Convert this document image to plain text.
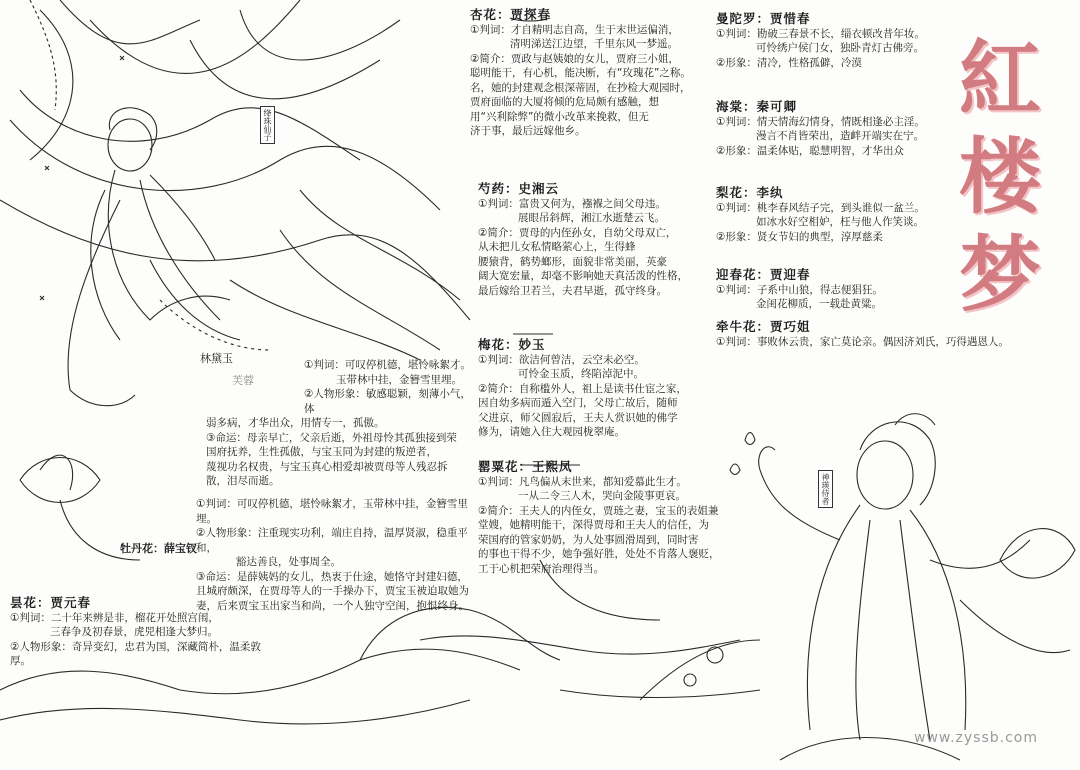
绛珠仙子
神瑛侍者
紅
楼
梦
杏花：贾探春

①判词：才自精明志自高，生于末世运偏消，

清明涕送江边望，千里东风一梦遥。

②简介：贾政与赵姨娘的女儿，贾府三小姐，

聪明能干，有心机，能决断，有“玫瑰花”之称。

名，她的封建观念根深蒂固，在抄检大观园时，

贾府面临的大厦将倾的危局颇有感触，想

用“兴利除弊”的微小改革来挽救，但无

济于事，最后远嫁他乡。

芍药：史湘云

①判词：富贵又何为，襁褓之间父母违。

展眼吊斜辉，湘江水逝楚云飞。

②简介：贾母的内侄孙女，自幼父母双亡，

从未把儿女私情略萦心上，生得蜂

腰猿背，鹤势螂形，面貌非常美丽，英豪

阔大宽宏量，却毫不影响她天真活泼的性格，

最后嫁给卫若兰，夫君早逝，孤守终身。

梅花：妙玉

①判词：欲洁何曾洁，云空未必空。

可怜金玉质，终陷淖泥中。

②简介：自称槛外人，祖上是读书仕宦之家，

因自幼多病而遁入空门，父母亡故后，随师

父进京，师父圆寂后，王夫人赏识她的佛学

修为，请她入住大观园栊翠庵。

罂粟花：王熙凤

①判词：凡鸟偏从末世来，都知爱慕此生才。

一从二令三人木，哭向金陵事更哀。

②简介：王夫人的内侄女，贾琏之妻，宝玉的表姐兼

堂嫂，她精明能干，深得贾母和王夫人的信任，为

荣国府的管家奶奶，为人处事圆滑周到，同时害

的事也干得不少，她争强好胜，处处不肯落人褒贬，

工于心机把荣府治理得当。

曼陀罗：贾惜春

①判词：勘破三春景不长，缁衣顿改昔年妆。

可怜绣户侯门女，独卧青灯古佛旁。

②形象：清冷，性格孤僻，冷漠

海棠：秦可卿

①判词：情天情海幻情身，情既相逢必主淫。

漫言不肖皆荣出，造衅开端实在宁。

②形象：温柔体贴，聪慧明智，才华出众

梨花：李纨

①判词：桃李春风结子完，到头谁似一盆兰。

如冰水好空相妒，枉与他人作笑谈。

②形象：贤女节妇的典型，淳厚慈柔

迎春花：贾迎春

①判词：子系中山狼，得志便猖狂。

金闺花柳质，一载赴黄粱。

牵牛花：贾巧姐

①判词：事败休云贵，家亡莫论亲。偶因济刘氏，巧得遇恩人。

林黛玉
芙蓉

①判词：可叹停机德，堪怜咏絮才。

玉带林中挂，金簪雪里埋。

②人物形象：敏感聪颖，刻薄小气，体

弱多病，才华出众，用情专一，孤傲。

③命运：母亲早亡，父亲后逝，外祖母怜其孤独接到荣

国府抚养，生性孤傲，与宝玉同为封建的叛逆者，

蔑视功名权贵，与宝玉真心相爱却被贾母等人残忍拆

散，泪尽而逝。

牡丹花：薛宝钗

①判词：可叹停机德，堪怜咏絮才，玉带林中挂，金簪雪里埋。

②人物形象：注重现实功利，端庄自持，温厚贤淑，稳重平和，

豁达善良，处事周全。

③命运：是薛姨妈的女儿，热衷于仕途，她恪守封建妇德，

且城府颇深，在贾母等人的一手操办下，贾宝玉被迫取她为

妻，后来贾宝玉出家当和尚，一个人独守空闺，抱恨终身。

昙花：贾元春

①判词：二十年来辨是非，榴花开处照宫闱，

三春争及初春景，虎兕相逢大梦归。

②人物形象：奇异变幻，忠君为国，深藏简朴，温柔敦厚。

www.zyssb.com
